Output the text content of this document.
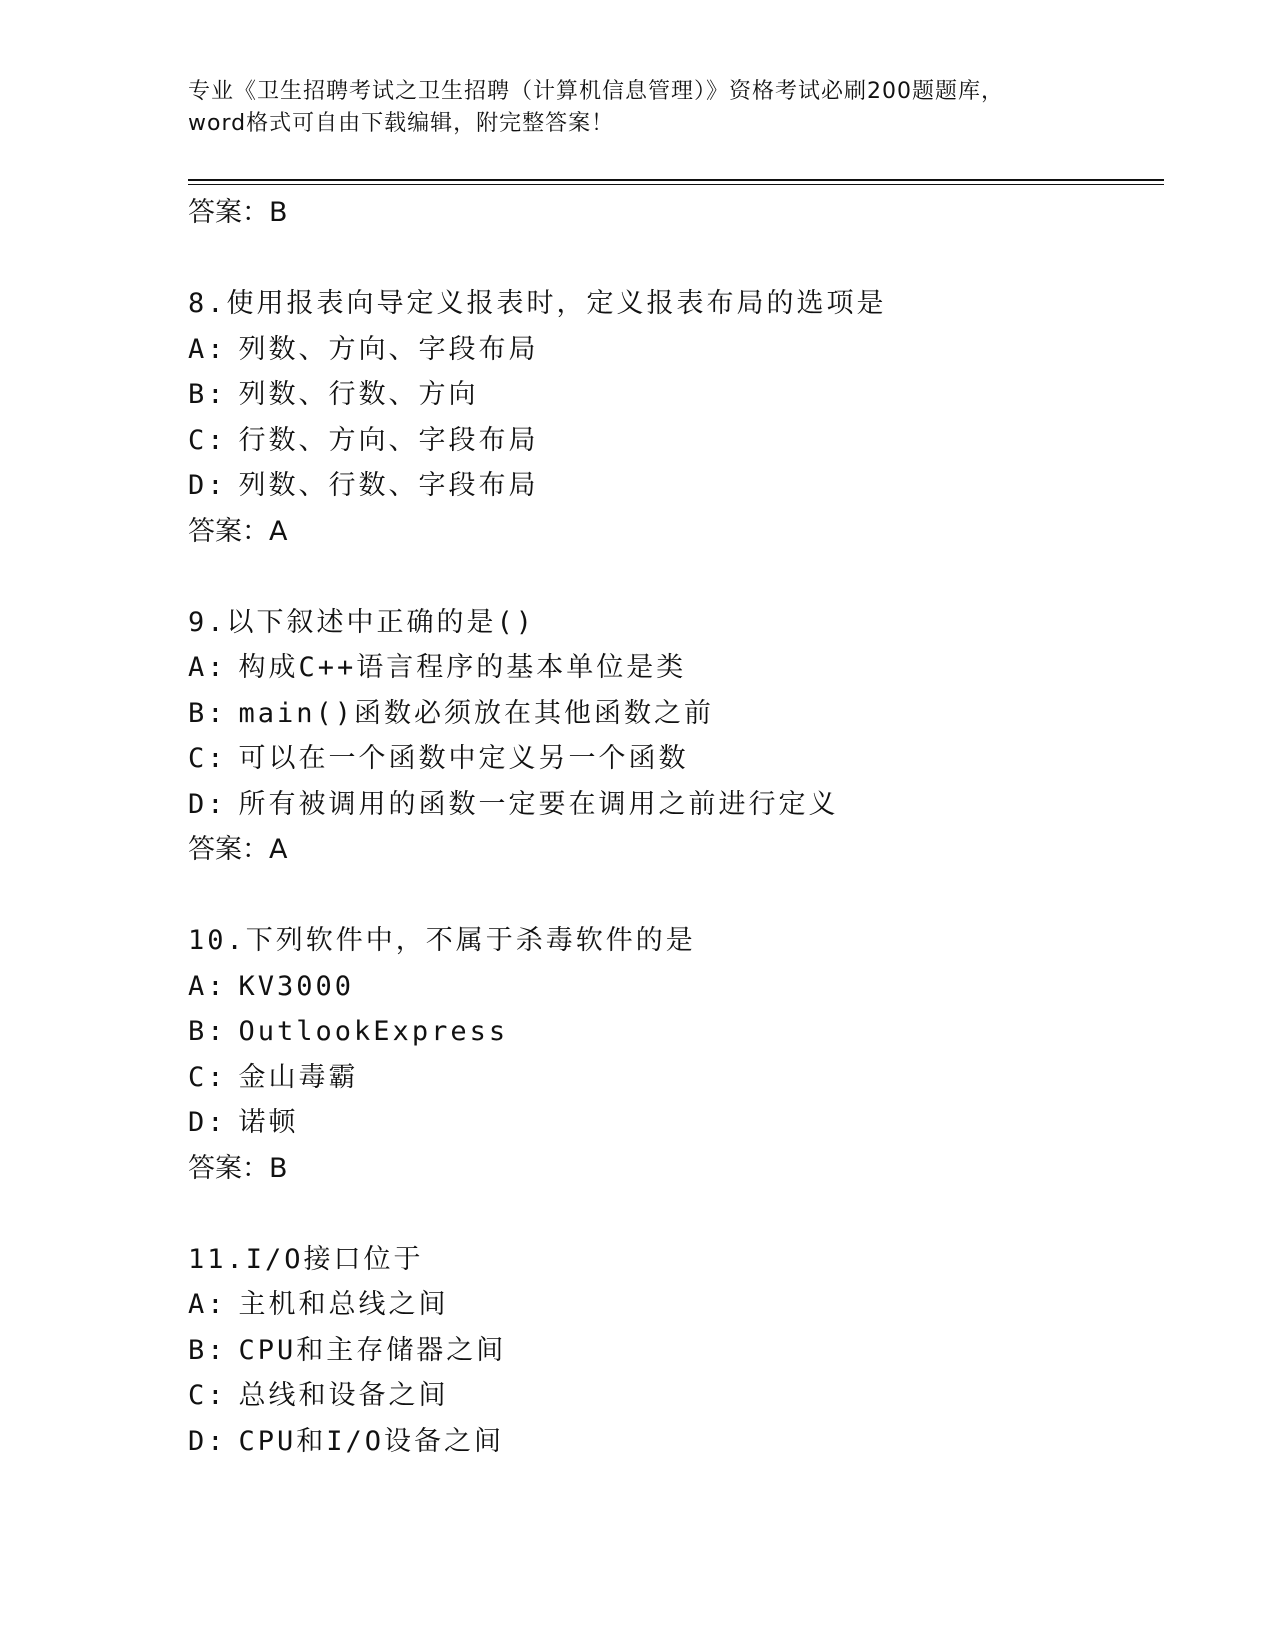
专业《卫生招聘考试之卫生招聘（计算机信息管理）》资格考试必刷200题题库，
word格式可自由下载编辑，附完整答案！
答案：B
8.使用报表向导定义报表时，定义报表布局的选项是
A: 列数、方向、字段布局
B: 列数、行数、方向
C: 行数、方向、字段布局
D: 列数、行数、字段布局
答案：A
9.以下叙述中正确的是()
A: 构成C++语言程序的基本单位是类
B: main()函数必须放在其他函数之前
C: 可以在一个函数中定义另一个函数
D: 所有被调用的函数一定要在调用之前进行定义
答案：A
10.下列软件中，不属于杀毒软件的是
A: KV3000
B: OutlookExpress
C: 金山毒霸
D: 诺顿
答案：B
11.I/O接口位于
A: 主机和总线之间
B: CPU和主存储器之间
C: 总线和设备之间
D: CPU和I/O设备之间
